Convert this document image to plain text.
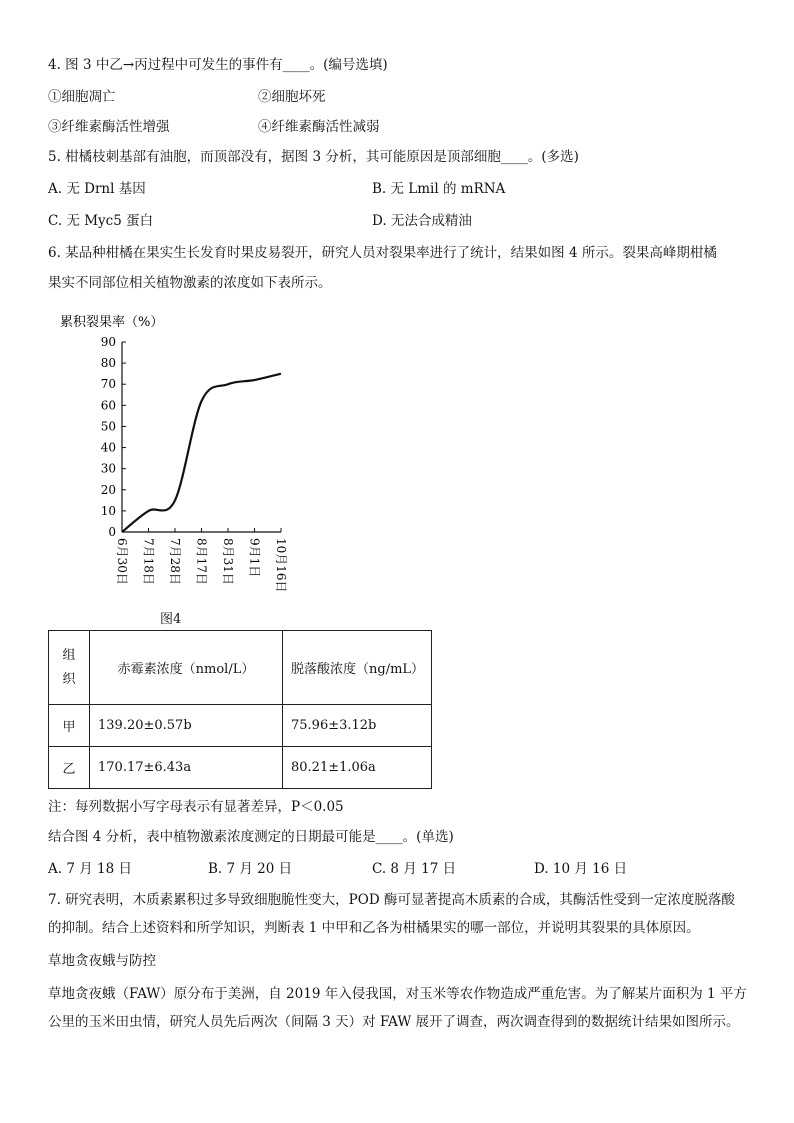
4. 图 3 中乙→丙过程中可发生的事件有____。(编号选填)
①细胞凋亡	②细胞坏死
③纤维素酶活性增强	④纤维素酶活性减弱
5. 柑橘枝刺基部有油胞，而顶部没有，据图 3 分析，其可能原因是顶部细胞____。(多选)
A. 无 Drnl 基因	B. 无 Lmil 的 mRNA
C. 无 Myc5 蛋白	D. 无法合成精油
6. 某品种柑橘在果实生长发育时果皮易裂开，研究人员对裂果率进行了统计，结果如图 4 所示。裂果高峰期柑橘
果实不同部位相关植物激素的浓度如下表所示。
累积裂果率（%）
0
10
20
30
40
50
60
70
80
90
6月30日 7月18日 7月28日 8月17日 8月31日 9月1日 10月16日
图4
组织	赤霉素浓度（nmol/L）	脱落酸浓度（ng/mL）
甲	139.20±0.57b	75.96±3.12b
乙	170.17±6.43a	80.21±1.06a
注：每列数据小写字母表示有显著差异，P＜0.05
结合图 4 分析，表中植物激素浓度测定的日期最可能是____。(单选)
A. 7 月 18 日	B. 7 月 20 日	C. 8 月 17 日	D. 10 月 16 日
7. 研究表明，木质素累积过多导致细胞脆性变大，POD 酶可显著提高木质素的合成，其酶活性受到一定浓度脱落酸的抑制。结合上述资料和所学知识，判断表 1 中甲和乙各为柑橘果实的哪一部位，并说明其裂果的具体原因。
草地贪夜蛾与防控
草地贪夜蛾（FAW）原分布于美洲，自 2019 年入侵我国，对玉米等农作物造成严重危害。为了解某片面积为 1 平方公里的玉米田虫情，研究人员先后两次（间隔 3 天）对 FAW 展开了调查，两次调查得到的数据统计结果如图所示。
